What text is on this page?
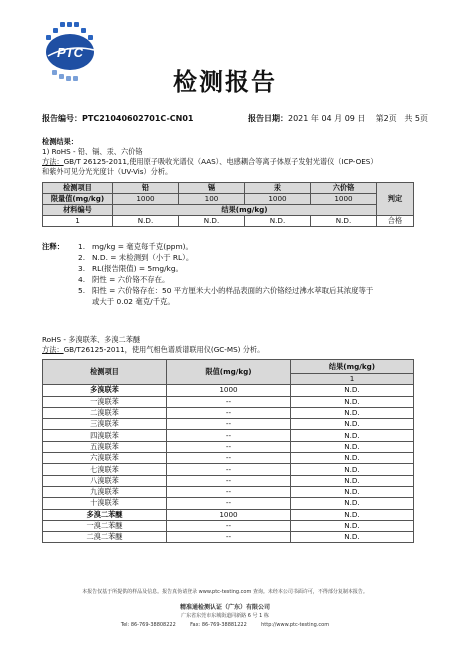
PTC
检测报告
报告编号：PTC21040602701C-CN01	报告日期：2021 年 04 月 09 日 第2页 共 5页
检测结果：
1) RoHS - 铅、镉、汞、六价铬
方法：GB/T 26125-2011,使用原子吸收光谱仪（AAS）、电感耦合等离子体原子发射光谱仪（ICP-OES）
和紫外可见分光光度计（UV-Vis）分析。
检测项目	铅	镉	汞	六价铬	判定
限量值(mg/kg)	1000	100	1000	1000	
材料编号	结果(mg/kg)				
1	N.D.	N.D.	N.D.	N.D.	合格
注释： 1. mg/kg = 毫克每千克(ppm)。
2. N.D. = 未检测到（小于 RL）。
3. RL(报告限值) = 5mg/kg。
4. 阴性 = 六价铬不存在。
5. 阳性 = 六价铬存在：50 平方厘米大小的样品表面的六价铬经过沸水萃取后其浓度等于
或大于 0.02 毫克/千克。
RoHS - 多溴联苯、多溴二苯醚
方法：GB/T26125-2011，使用气相色谱质谱联用仪(GC-MS) 分析。
检测项目	限值(mg/kg)	结果(mg/kg)
		1
多溴联苯	1000	N.D.
一溴联苯	--	N.D.
二溴联苯	--	N.D.
三溴联苯	--	N.D.
四溴联苯	--	N.D.
五溴联苯	--	N.D.
六溴联苯	--	N.D.
七溴联苯	--	N.D.
八溴联苯	--	N.D.
九溴联苯	--	N.D.
十溴联苯	--	N.D.
多溴二苯醚	1000	N.D.
一溴二苯醚	--	N.D.
二溴二苯醚	--	N.D.
本报告仅基于所提供的样品及信息。报告真伪请登录 www.ptc-testing.com 查询。未经本公司书面许可，不得部分复制本报告。
精准通检测认证（广东）有限公司
广东省东莞市东城街道同新路 6 号 1 栋
Tel: 86-769-38808222	Fax: 86-769-38881222	http://www.ptc-testing.com
